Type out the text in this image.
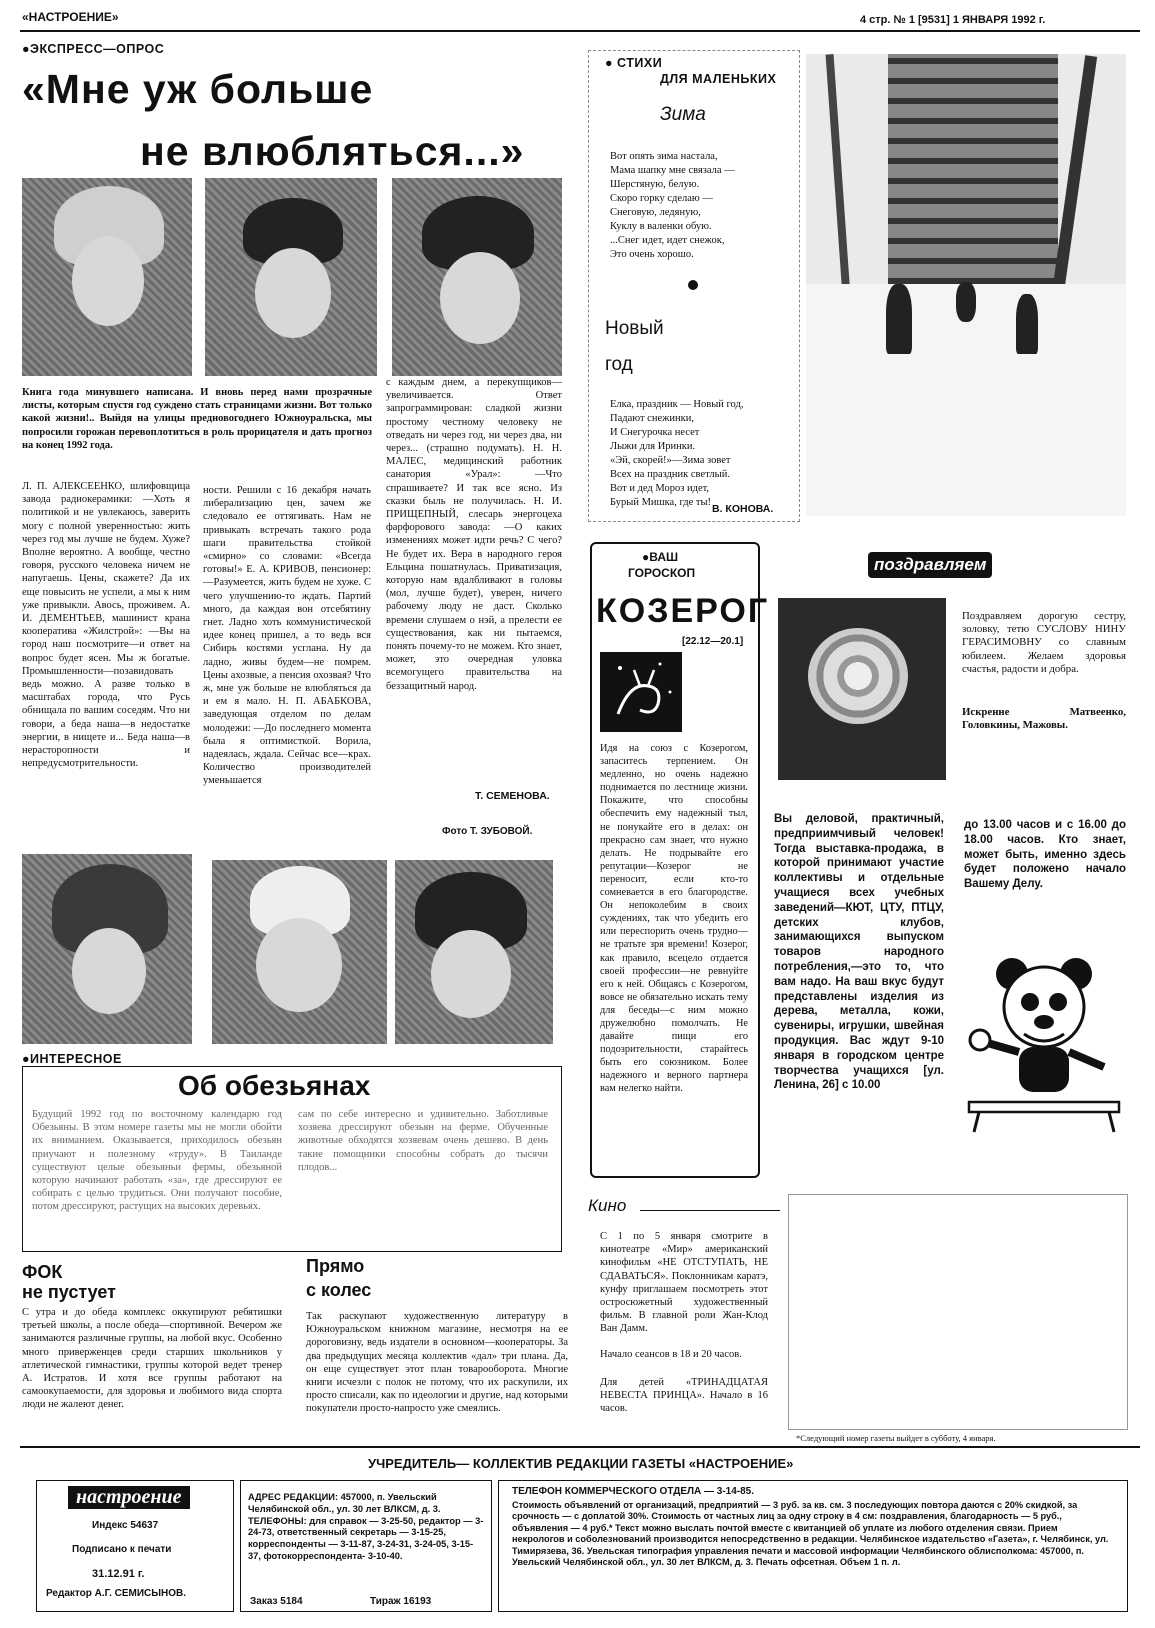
«НАСТРОЕНИЕ»	4 стр. № 1 [9531] 1 ЯНВАРЯ 1992 г.
●ЭКСПРЕСС—ОПРОС
«Мне уж больше
не влюбляться...»
Книга года минувшего написана. И вновь перед нами прозрачные листы, которым спустя год суждено стать страницами жизни. Вот только какой жизни!.. Выйдя на улицы предновогоднего Южноуральска, мы попросили горожан перевоплотиться в роль прорицателя и дать прогноз на конец 1992 года.
Л. П. АЛЕКСЕЕНКО, шлифовщица завода радиокерамики: —Хоть я политикой и не увлекаюсь, заверить могу с полной уверенностью: жить через год мы лучше не будем. Хуже? Вполне вероятно. А вообще, честно говоря, русского человека ничем не напугаешь. Цены, скажете? Да их еще повысить не успели, а мы к ним уже привыкли. Авось, проживем. А. И. ДЕМЕНТЬЕВ, машинист крана кооператива «Жилстрой»: —Вы на город наш посмотрите—и ответ на вопрос будет ясен. Мы ж богатые. Промышленности—позавидовать ведь можно. А разве только в масштабах города, что Русь обнищала по вашим соседям. Что ни говори, а беда наша—в недостатке энергии, в нищете и... Беда наша—в нерасторопности и непредусмотрительности.
ности. Решили с 16 декабря начать либерализацию цен, зачем же следовало ее оттягивать. Нам не привыкать встречать такого рода шаги правительства стойкой «смирно» со словами: «Всегда готовы!» Е. А. КРИВОВ, пенсионер: —Разумеется, жить будем не хуже. С чего улучшению-то ждать. Партий много, да каждая вон отсебятину гнет. Ладно хоть коммунистической идее конец пришел, а то ведь вся Сибирь костями усглана. Ну да ладно, живы будем—не помрем. Цены ахозвые, а пенсия охозвая? Что ж, мне уж больше не влюбляться да и ем я мало. Н. П. АБАБКОВА, заведующая отделом по делам молодежи: —До последнего момента была я оптимисткой. Ворила, надеялась, ждала. Сейчас все—крах. Количество производителей уменьшается
с каждым днем, а перекупщиков—увеличивается. Ответ запрограммирован: сладкой жизни простому честному человеку не отведать ни через год, ни через два, ни через... (страшно подумать). Н. Н. МАЛЕС, медицинский работник санатория «Урал»: —Что спрашиваете? И так все ясно. Из сказки быль не получилась. Н. И. ПРИЩЕПНЫЙ, слесарь энергоцеха фарфорового завода: —О каких изменениях может идти речь? С чего? Не будет их. Вера в народного героя Ельцина пошатнулась. Приватизация, которую нам вдалбливают в головы (мол, лучше будет), уверен, ничего рабочему люду не даст. Сколько времени слушаем о нэй, а прелести ее существования, как ни пытаемся, понять почему-то не можем. Кто знает, может, это очередная уловка всемогущего правительства на беззащитный народ.
Т. СЕМЕНОВА.
Фото Т. ЗУБОВОЙ.
● СТИХИ
ДЛЯ МАЛЕНЬКИХ
Зима
Вот опять зима настала,
Мама шапку мне связала —
Шерстяную, белую.
Скоро горку сделаю —
Снеговую, ледяную,
Куклу в валенки обую.
...Снег идет, идет снежок,
Это очень хорошо.
Новый
год
Елка, праздник — Новый год,
Падают снежинки,
И Снегурочка несет
Лыжи для Иринки.
«Эй, скорей!»—Зима зовет
Всех на праздник светлый.
Вот и дед Мороз идет,
Бурый Мишка, где ты!
В. КОНОВА.
●ВАШ
ГОРОСКОП
КОЗЕРОГ
[22.12—20.1]
Идя на союз с Козерогом, запаситесь терпением. Он медленно, но очень надежно поднимается по лестнице жизни. Покажите, что способны обеспечить ему надежный тыл, не понукайте его в делах: он прекрасно сам знает, что нужно делать. Не подрывайте его репутации—Козерог не переносит, если кто-то сомневается в его благородстве. Он непоколебим в своих суждениях, так что убедить его или переспорить очень трудно—не тратьте зря времени! Козерог, как правило, всецело отдается своей профессии—не ревнуйте его к ней. Общаясь с Козерогом, вовсе не обязательно искать тему для беседы—с ним можно дружелюбно помолчать. Не давайте пищи его подозрительности, старайтесь быть его союзником. Более надежного и верного партнера вам нелегко найти.
поздравляем
Поздравляем дорогую сестру, золовку, тетю СУСЛОВУ НИНУ ГЕРАСИМОВНУ со славным юбилеем. Желаем здоровья счастья, радости и добра.
Искренне Матвеенко, Головкины, Мажовы.
Вы деловой, практичный, предприимчивый человек! Тогда выставка-продажа, в которой принимают участие коллективы и отдельные учащиеся всех учебных заведений—КЮТ, ЦТУ, ПТЦУ, детских клубов, занимающихся выпуском товаров народного потребления,—это то, что вам надо. На ваш вкус будут представлены изделия из дерева, металла, кожи, сувениры, игрушки, швейная продукция. Вас ждут 9-10 января в городском центре творчества учащихся [ул. Ленина, 26] с 10.00
до 13.00 часов и с 16.00 до 18.00 часов. Кто знает, может быть, именно здесь будет положено начало Вашему Делу.
●ИНТЕРЕСНОЕ
Об обезьянах
Будущий 1992 год по восточному календарю год Обезьяны. В этом номере газеты мы не могли обойти их вниманием. Оказывается, приходилось обезьян приучают и полезному «труду». В Таиланде существуют целые обезьяньи фермы, обезьяной которую начинают работать «за», где дрессируют ее собирать с целью трудиться. Они получают пособие, потом дрессируют, растущих на высоких деревьях.
сам по себе интересно и удивительно. Заботливые хозяева дрессируют обезьян на ферме. Обученные животные обходятся хозяевам очень дешево. В день такие помощники способны собрать до тысячи плодов...
ФОК
не пустует
С утра и до обеда комплекс оккупируют ребятишки третьей школы, а после обеда—спортивной. Вечером же занимаются различные группы, на любой вкус. Особенно много приверженцев среди старших школьников у атлетической гимнастики, группы которой ведет тренер А. Истратов. И хотя все группы работают на самоокупаемости, для здоровья и любимого вида спорта люди не жалеют денег.
Прямо
с колес
Так раскупают художественную литературу в Южноуральском книжном магазине, несмотря на ее дороговизну, ведь издатели в основном—кооператоры. За два предыдущих месяца коллектив «дал» три плана. Да, он еще существует этот план товарооборота. Многие книги исчезли с полок не потому, что их раскупили, их просто списали, как по идеологии и другие, над которыми покупатели просто-напросто уже смеялись.
Кино
С 1 по 5 января смотрите в кинотеатре «Мир» американский кинофильм «НЕ ОТСТУПАТЬ, НЕ СДАВАТЬСЯ». Поклонникам каратэ, кунфу приглашаем посмотреть этот остросюжетный художественный фильм. В главной роли Жан-Клод Ван Дамм.
Начало сеансов в 18 и 20 часов.
Для детей «ТРИНАДЦАТАЯ НЕВЕСТА ПРИНЦА». Начало в 16 часов.
*Следующий номер газеты выйдет в субботу, 4 января.
УЧРЕДИТЕЛЬ— КОЛЛЕКТИВ РЕДАКЦИИ ГАЗЕТЫ «НАСТРОЕНИЕ»
настроение
Индекс 54637
Подписано к печати
31.12.91 г.
Редактор А.Г. СЕМИСЫНОВ.
АДРЕС РЕДАКЦИИ: 457000, п. Увельский Челябинской обл., ул. 30 лет ВЛКСМ, д. 3. ТЕЛЕФОНЫ: для справок — 3-25-50, редактор — 3-24-73, ответственный секретарь — 3-15-25, корреспонденты — 3-11-87, 3-24-31, 3-24-05, 3-15-37, фотокорреспондента- 3-10-40.
Заказ 5184	Тираж 16193
ТЕЛЕФОН КОММЕРЧЕСКОГО ОТДЕЛА — 3-14-85.
Стоимость объявлений от организаций, предприятий — 3 руб. за кв. см. 3 последующих повтора даются с 20% скидкой, за срочность — с доплатой 30%. Стоимость от частных лиц за одну строку в 4 см: поздравления, благодарность — 5 руб., объявления — 4 руб.* Текст можно выслать почтой вместе с квитанцией об уплате из любого отделения связи. Прием некрологов и соболезнований производится непосредственно в редакции. Челябинское издательство «Газета», г. Челябинск, ул. Тимирязева, 36. Увельская типография управления печати и массовой информации Челябинского облисполкома: 457000, п. Увельский Челябинской обл., ул. 30 лет ВЛКСМ, д. 3. Печать офсетная. Объем 1 п. л.
